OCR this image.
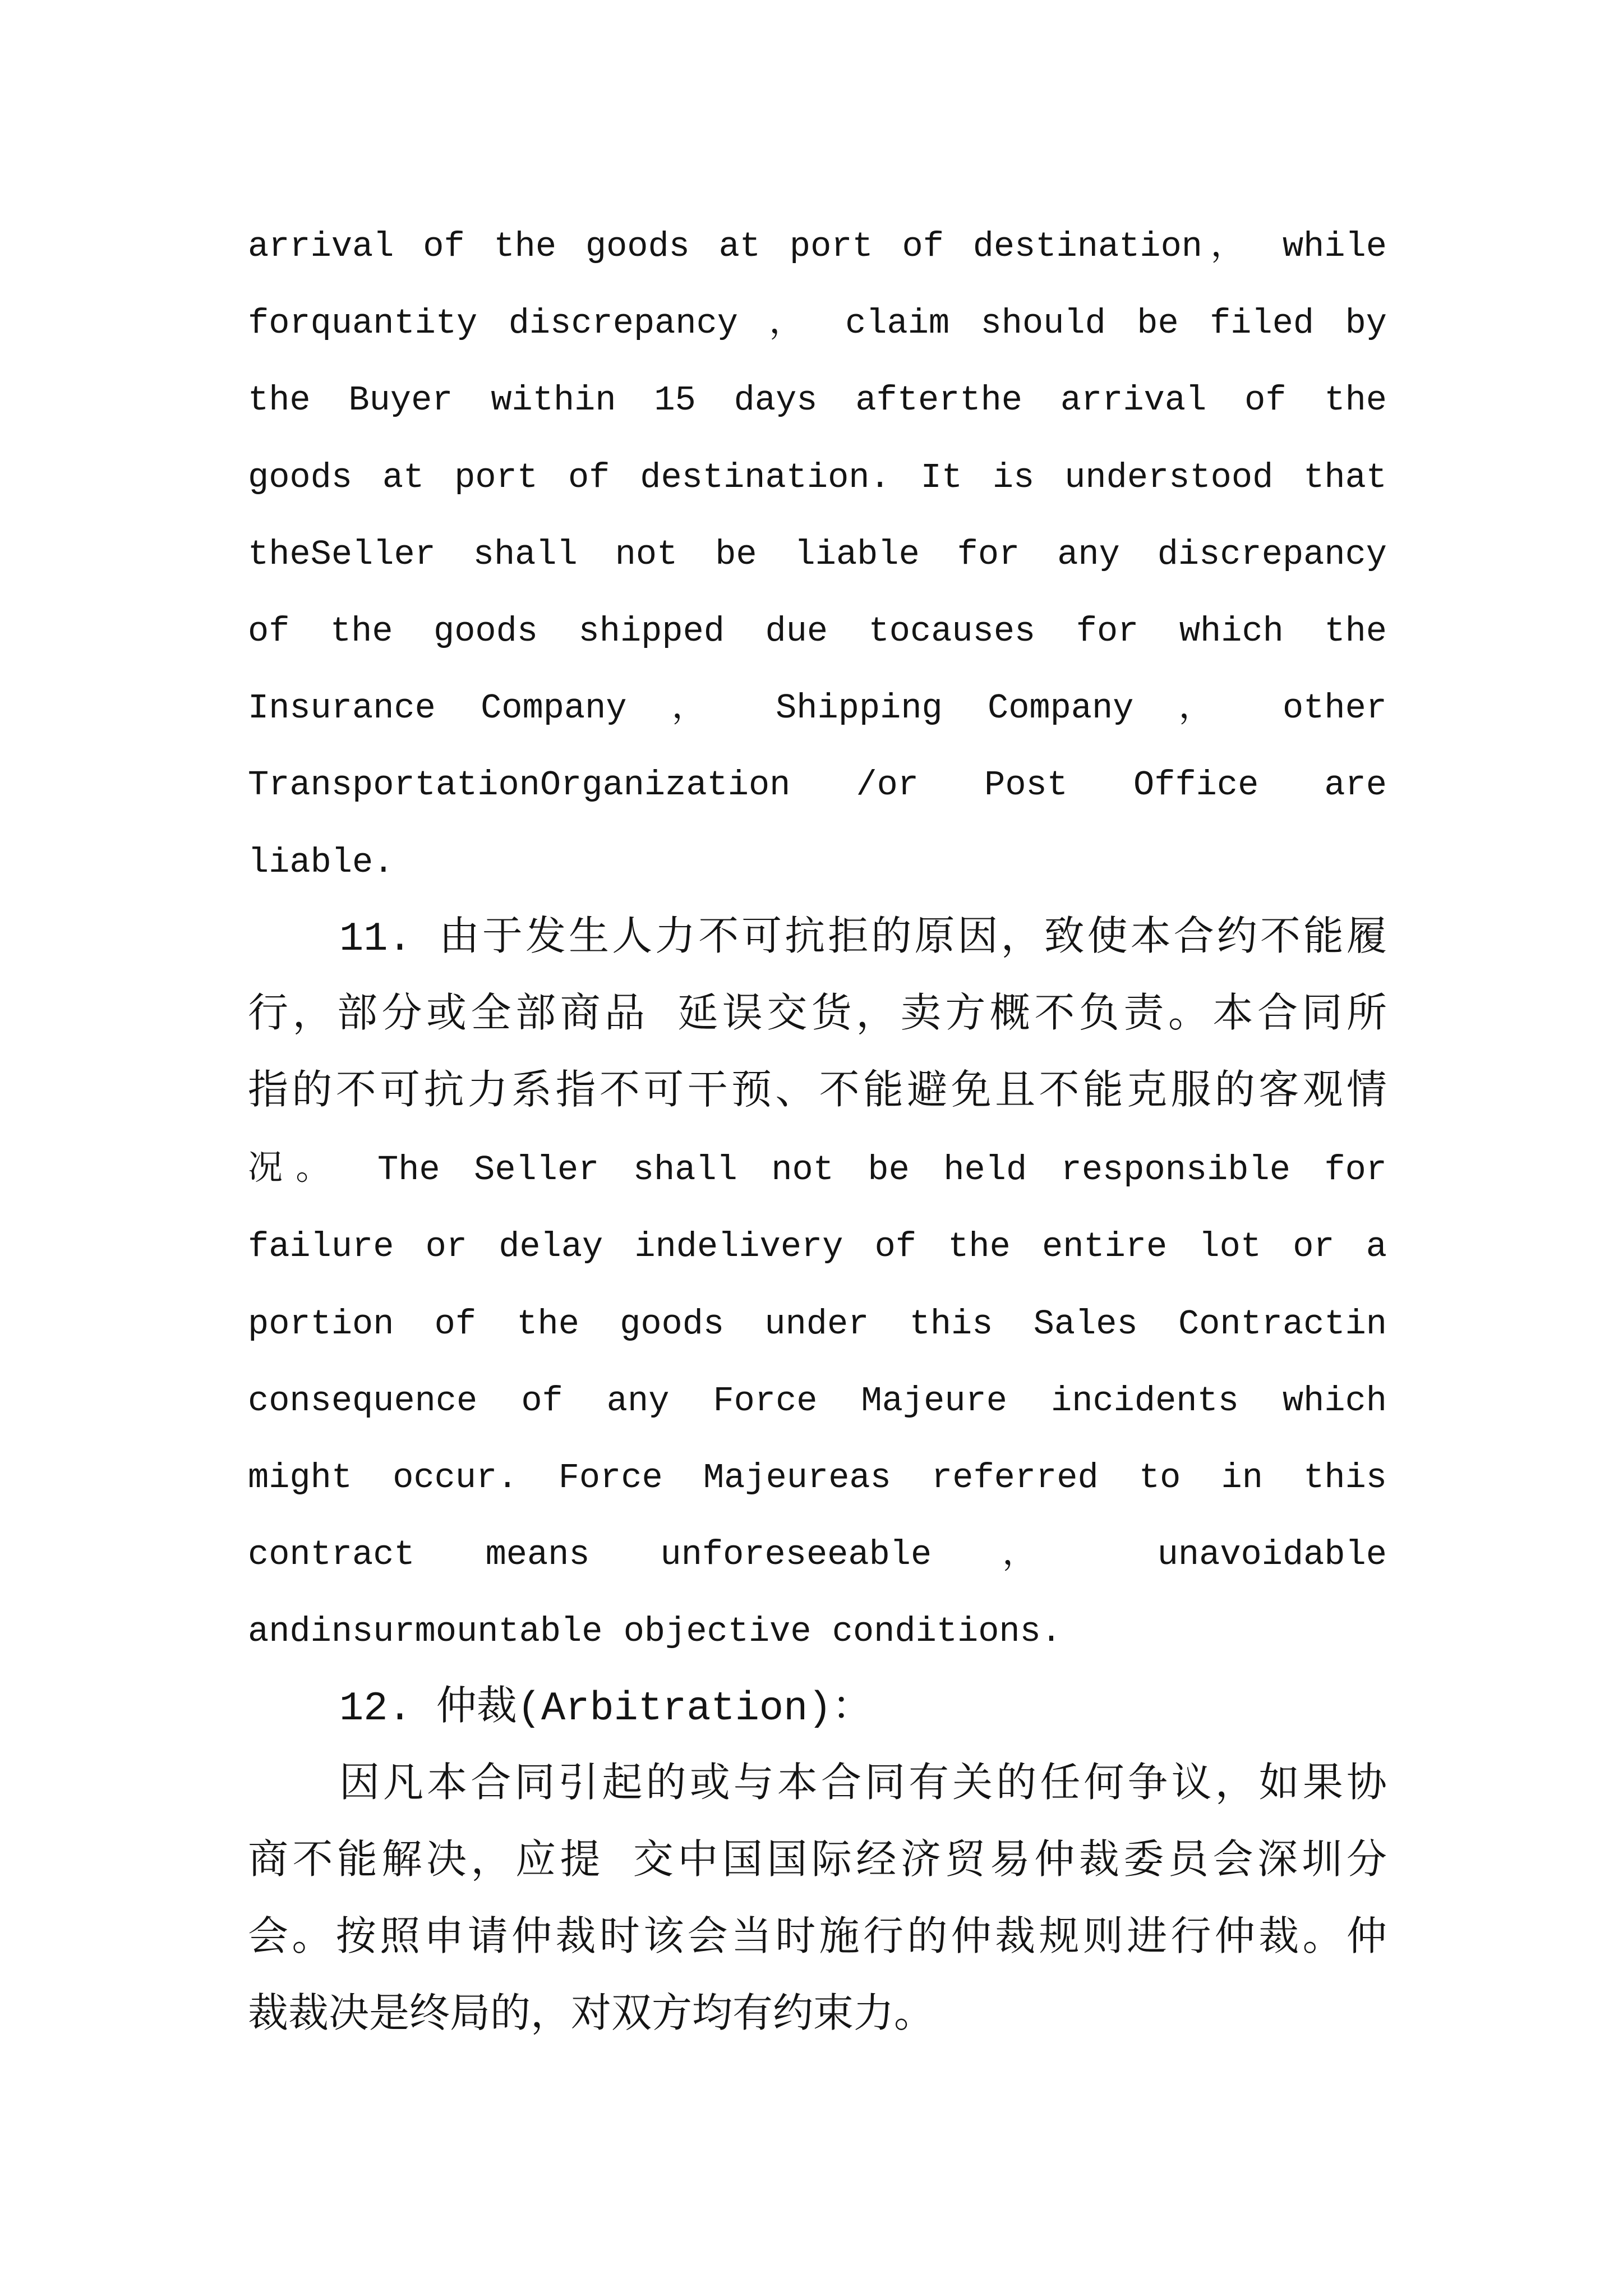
arrival of the goods at port of destination， while
forquantity discrepancy ， claim should be filed by
the Buyer within 15 days afterthe arrival of the
goods at port of destination. It is understood that
theSeller shall not be liable for any discrepancy
of the goods shipped due tocauses for which the
Insurance Company ， Shipping Company ， other
TransportationOrganization /or Post Office are
liable.
11. 由于发生人力不可抗拒的原因，致使本合约不能履
行，部分或全部商品 延误交货，卖方概不负责。本合同所
指的不可抗力系指不可干预、不能避免且不能克服的客观情
况。 The Seller shall not be held responsible for
failure or delay indelivery of the entire lot or a
portion of the goods under this Sales Contractin
consequence of any Force Majeure incidents which
might occur. Force Majeureas referred to in this
contract means unforeseeable ， unavoidable
andinsurmountable objective conditions.
12. 仲裁(Arbitration)：
因凡本合同引起的或与本合同有关的任何争议，如果协
商不能解决，应提 交中国国际经济贸易仲裁委员会深圳分
会。按照申请仲裁时该会当时施行的仲裁规则进行仲裁。仲
裁裁决是终局的，对双方均有约束力。
